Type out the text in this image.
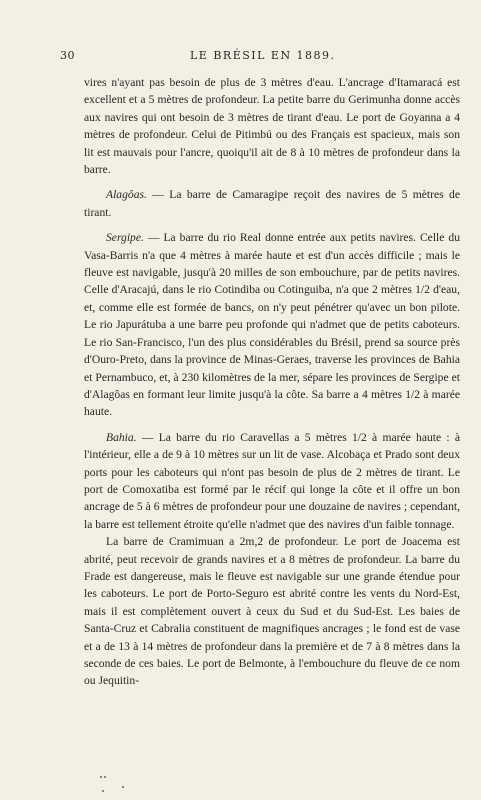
30	LE BRÉSIL EN 1889.

vires n'ayant pas besoin de plus de 3 mètres d'eau. L'ancrage d'Itamaracá est excellent et a 5 mètres de profondeur. La petite barre du Gerimunha donne accès aux navires qui ont besoin de 3 mètres de tirant d'eau. Le port de Goyanna a 4 mètres de profondeur. Celui de Pitimbú ou des Français est spacieux, mais son lit est mauvais pour l'ancre, quoiqu'il ait de 8 à 10 mètres de profondeur dans la barre.

Alagôas. — La barre de Camaragipe reçoit des navires de 5 mètres de tirant.

Sergipe. — La barre du rio Real donne entrée aux petits navires. Celle du Vasa-Barris n'a que 4 mètres à marée haute et est d'un accès difficile ; mais le fleuve est navigable, jusqu'à 20 milles de son embouchure, par de petits navires. Celle d'Aracajú, dans le rio Cotindiba ou Cotinguiba, n'a que 2 mètres 1/2 d'eau, et, comme elle est formée de bancs, on n'y peut pénétrer qu'avec un bon pilote. Le rio Japurátuba a une barre peu profonde qui n'admet que de petits caboteurs. Le rio San-Francisco, l'un des plus considérables du Brésil, prend sa source près d'Ouro-Preto, dans la province de Minas-Geraes, traverse les provinces de Bahia et Pernambuco, et, à 230 kilomètres de la mer, sépare les provinces de Sergipe et d'Alagôas en formant leur limite jusqu'à la côte. Sa barre a 4 mètres 1/2 à marée haute.

Bahia. — La barre du rio Caravellas a 5 mètres 1/2 à marée haute : à l'intérieur, elle a de 9 à 10 mètres sur un lit de vase. Alcobaça et Prado sont deux ports pour les caboteurs qui n'ont pas besoin de plus de 2 mètres de tirant. Le port de Comoxatiba est formé par le récif qui longe la côte et il offre un bon ancrage de 5 à 6 mètres de profondeur pour une douzaine de navires ; cependant, la barre est tellement étroite qu'elle n'admet que des navires d'un faible tonnage.

La barre de Cramimuan a 2m,2 de profondeur. Le port de Joacema est abrité, peut recevoir de grands navires et a 8 mètres de profondeur. La barre du Frade est dangereuse, mais le fleuve est navigable sur une grande étendue pour les caboteurs. Le port de Porto-Seguro est abrité contre les vents du Nord-Est, mais il est complètement ouvert à ceux du Sud et du Sud-Est. Les baies de Santa-Cruz et Cabralia constituent de magnifiques ancrages ; le fond est de vase et a de 13 à 14 mètres de profondeur dans la première et de 7 à 8 mètres dans la seconde de ces baies. Le port de Belmonte, à l'embouchure du fleuve de ce nom ou Jequitin-
